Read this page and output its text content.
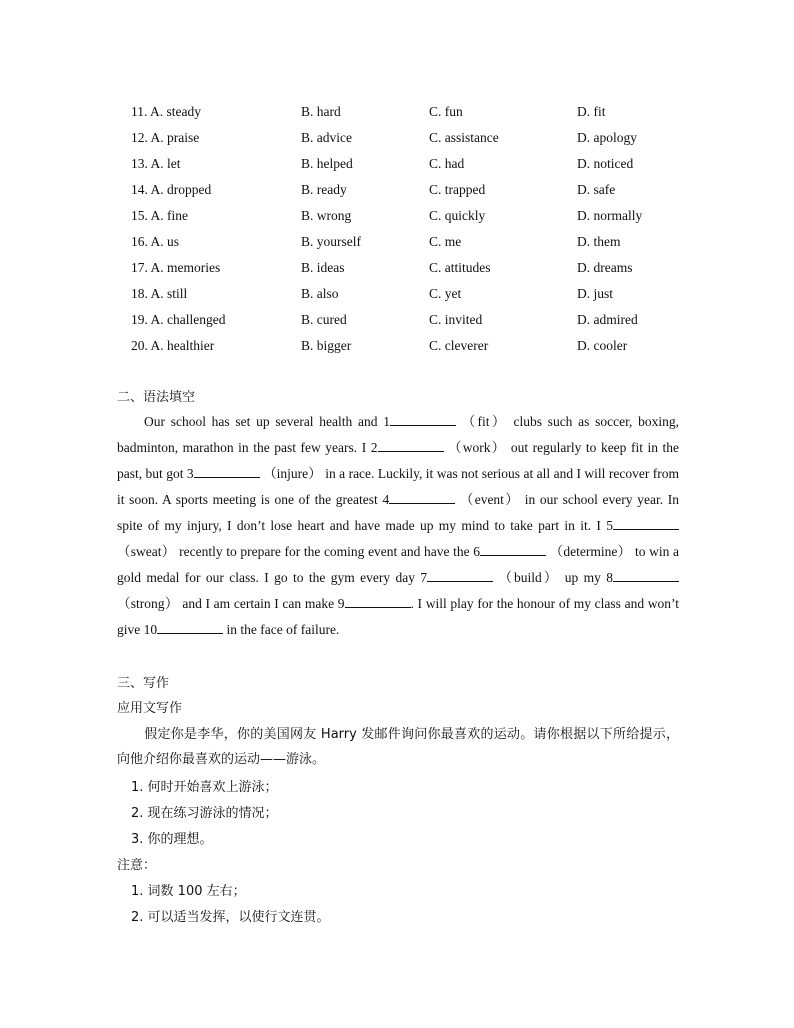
11. A. steady	B. hard	C. fun	D. fit
12. A. praise	B. advice	C. assistance	D. apology
13. A. let	B. helped	C. had	D. noticed
14. A. dropped	B. ready	C. trapped	D. safe
15. A. fine	B. wrong	C. quickly	D. normally
16. A. us	B. yourself	C. me	D. them
17. A. memories	B. ideas	C. attitudes	D. dreams
18. A. still	B. also	C. yet	D. just
19. A. challenged	B. cured	C. invited	D. admired
20. A. healthier	B. bigger	C. cleverer	D. cooler
二、语法填空
Our school has set up several health and 1	（fit） clubs such as soccer, boxing, badminton, marathon in the past few years. I 2	（work） out regularly to keep fit in the past, but got 3	（injure） in a race. Luckily, it was not serious at all and I will recover from it soon. A sports meeting is one of the greatest 4	（event） in our school every year. In spite of my injury, I don’t lose heart and have made up my mind to take part in it. I 5 （sweat） recently to prepare for the coming event and have the 6	（determine） to win a gold medal for our class. I go to the gym every day 7	（build） up my 8 （strong） and I am certain I can make 9	. I will play for the honour of my class and won’t give 10	in the face of failure.
三、写作
应用文写作
假定你是李华，你的美国网友 Harry 发邮件询问你最喜欢的运动。请你根据以下所给提示，向他介绍你最喜欢的运动——游泳。
1. 何时开始喜欢上游泳；
2. 现在练习游泳的情况；
3. 你的理想。
注意：
1. 词数 100 左右；
2. 可以适当发挥，以使行文连贯。
